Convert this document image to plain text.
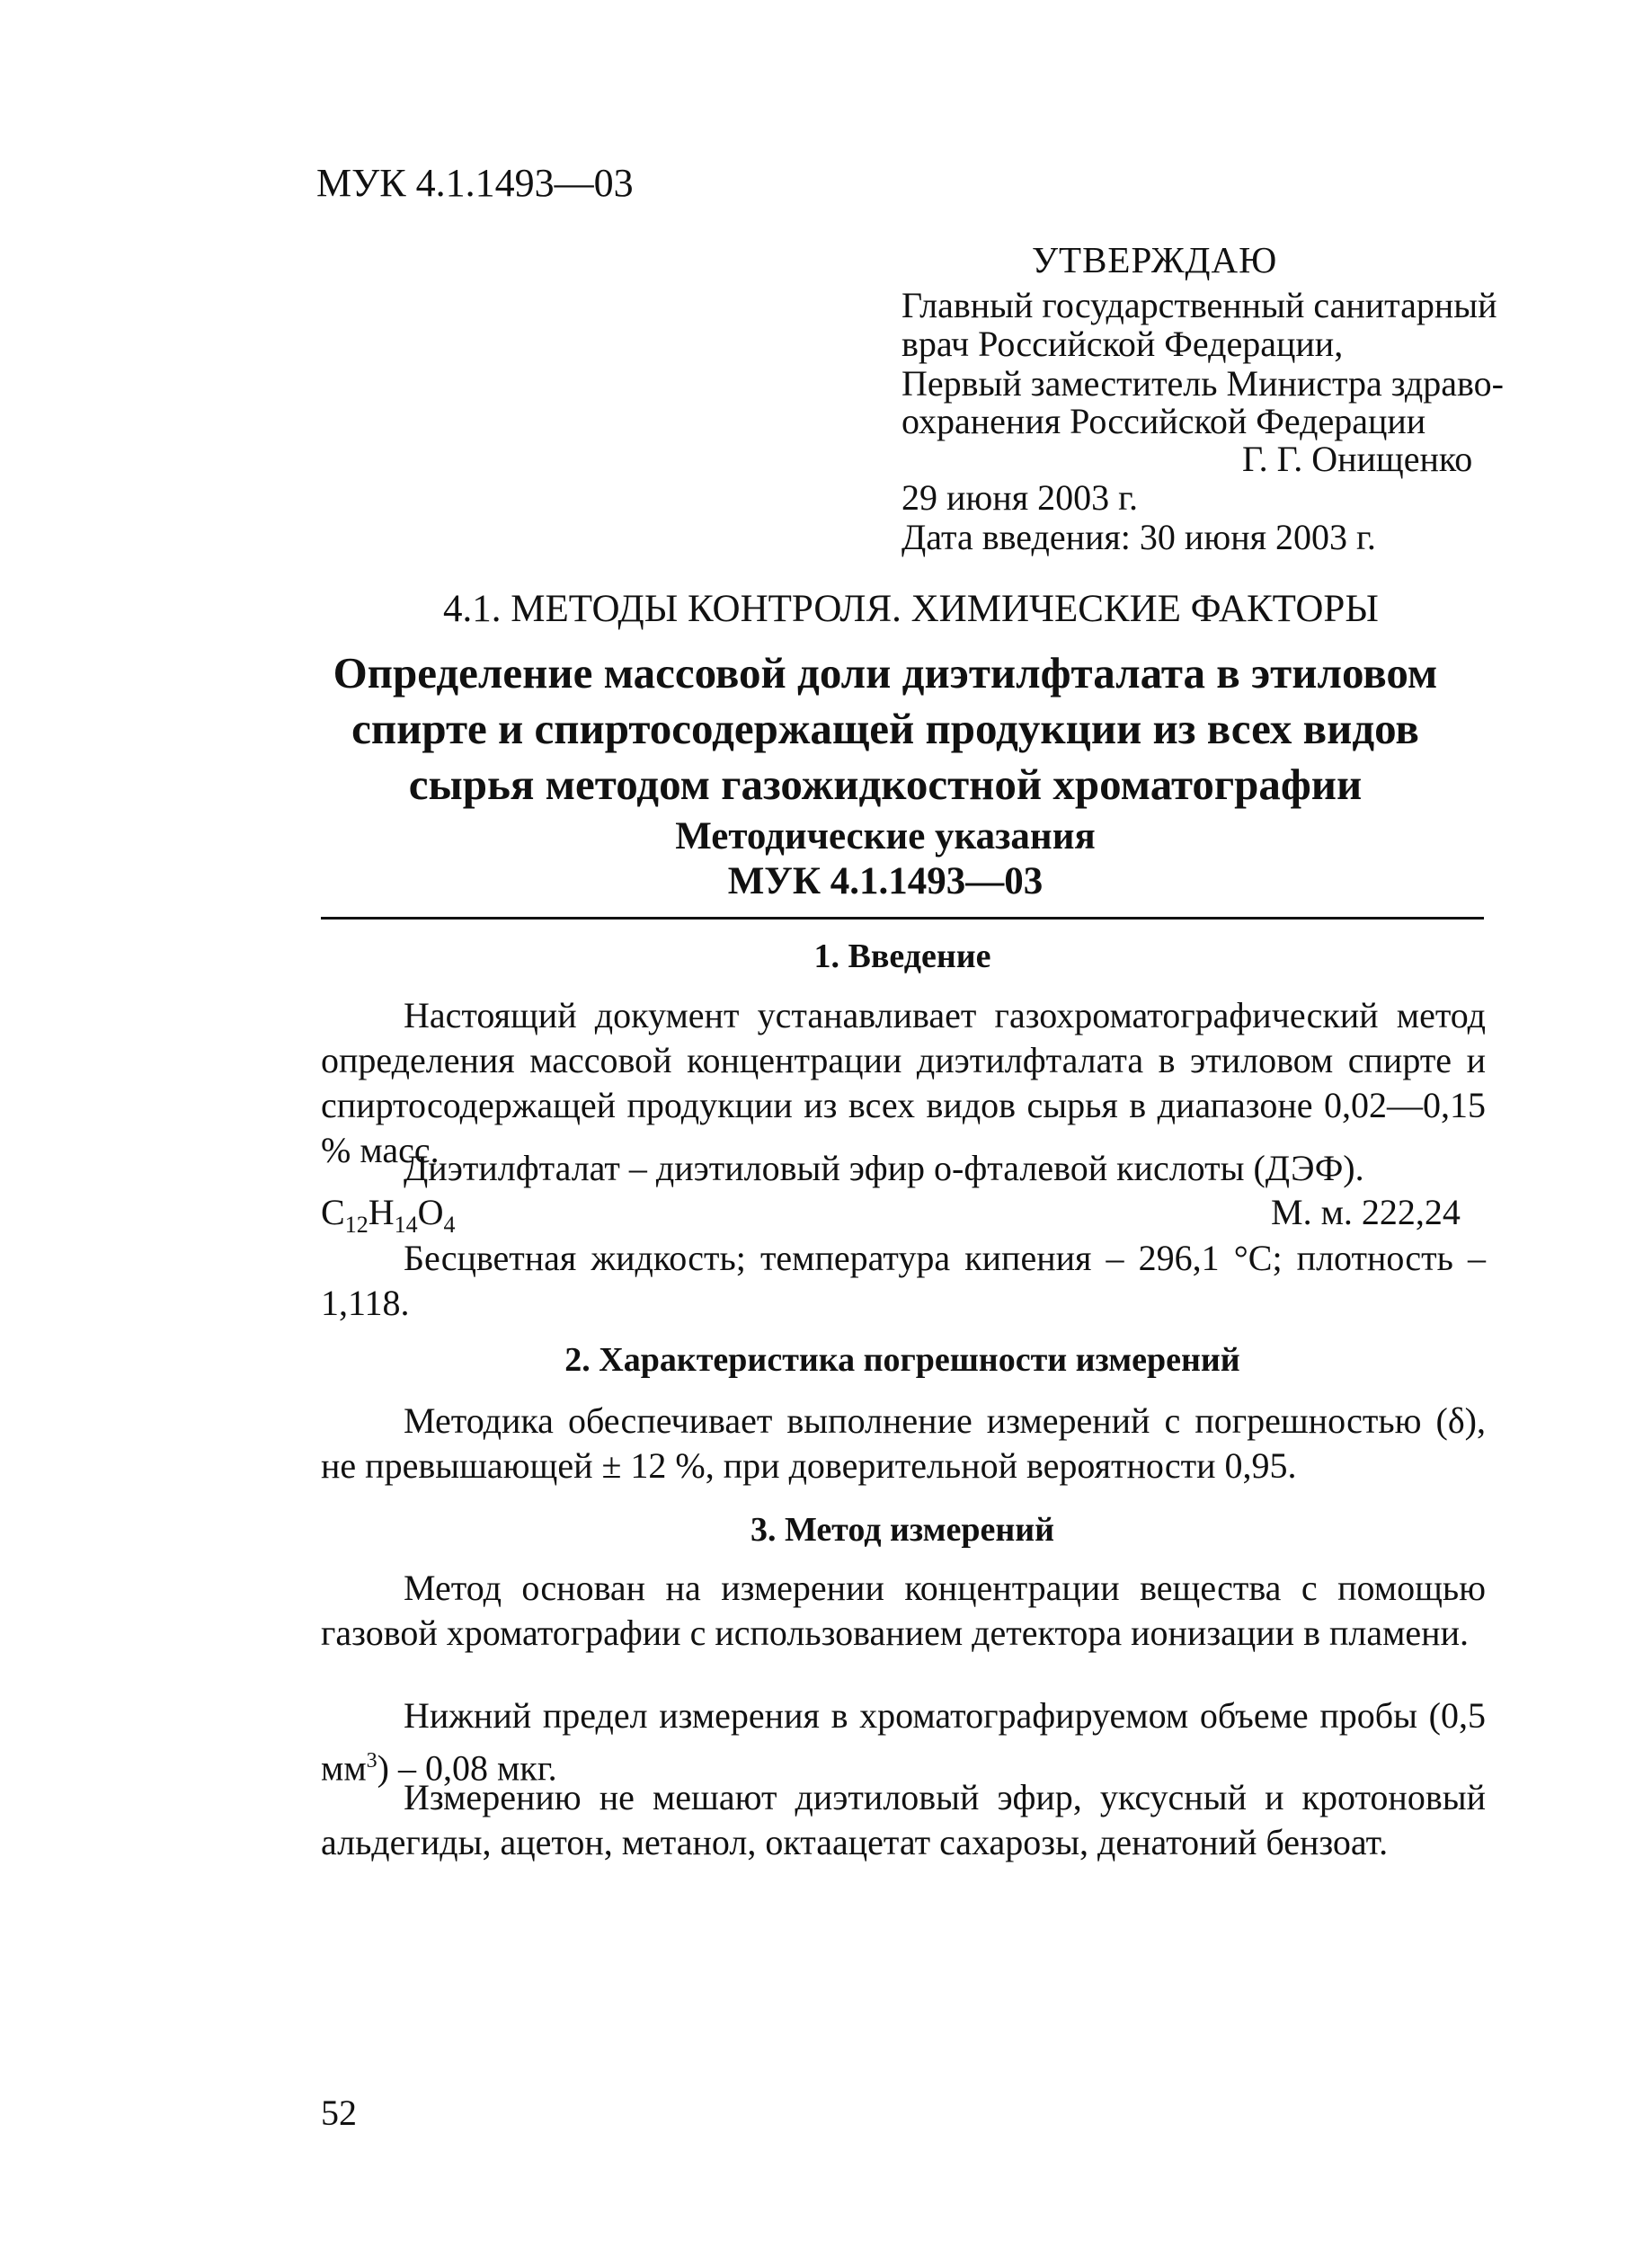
МУК 4.1.1493—03
УТВЕРЖДАЮ
Главный государственный санитарный
врач Российской Федерации,
Первый заместитель Министра здраво-
охранения Российской Федерации
Г. Г. Онищенко
29 июня 2003 г.
Дата введения: 30 июня 2003 г.
4.1. МЕТОДЫ КОНТРОЛЯ. ХИМИЧЕСКИЕ ФАКТОРЫ
Определение массовой доли диэтилфталата в этиловом спирте и спиртосодержащей продукции из всех видов сырья методом газожидкостной хроматографии
Методические указания
МУК 4.1.1493—03
1. Введение
Настоящий документ устанавливает газохроматографический метод определения массовой концентрации диэтилфталата в этиловом спирте и спиртосодержащей продукции из всех видов сырья в диапазоне 0,02—0,15 % масс.
Диэтилфталат – диэтиловый эфир о-фталевой кислоты (ДЭФ).
$C_{12}H_{14}O_4$	М. м. 222,24
Бесцветная жидкость; температура кипения – 296,1 °С; плотность – 1,118.
2. Характеристика погрешности измерений
Методика обеспечивает выполнение измерений с погрешностью (δ), не превышающей ± 12 %, при доверительной вероятности 0,95.
3. Метод измерений
Метод основан на измерении концентрации вещества с помощью газовой хроматографии с использованием детектора ионизации в пламени.
Нижний предел измерения в хроматографируемом объеме пробы (0,5 $мм^3) - 0,08$ мкг.
Измерению не мешают диэтиловый эфир, уксусный и кротоновый альдегиды, ацетон, метанол, октаацетат сахарозы, денатоний бензоат.
52
